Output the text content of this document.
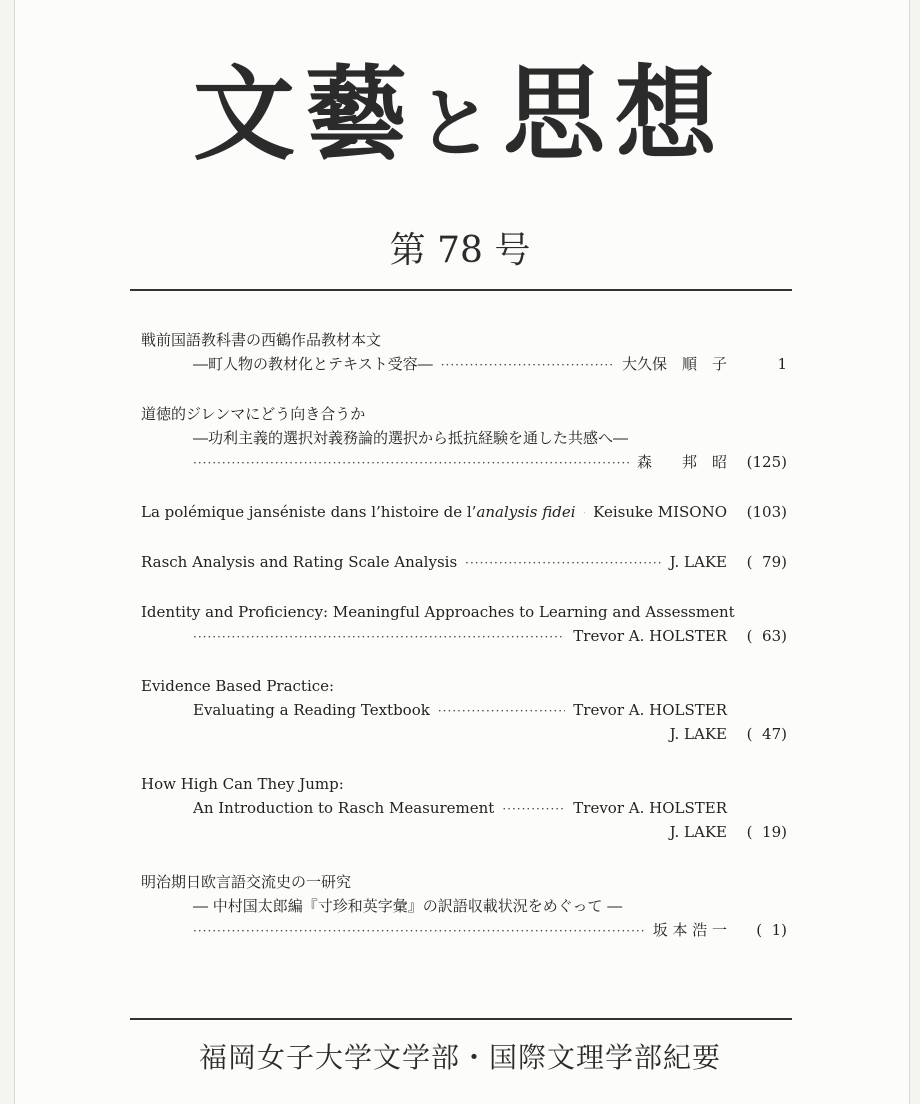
文藝と思想
第 78 号
戦前国語教科書の西鶴作品教材本文
―町人物の教材化とテキスト受容― ·····	大久保　順　子	1
道徳的ジレンマにどう向き合うか
―功利主義的選択対義務論的選択から抵抗経験を通した共感へ―
·····
森　　邦　昭	(125)
La polémique janséniste dans l’histoire de l’analysis fidei ····· Keisuke MISONO	(103)
Rasch Analysis and Rating Scale Analysis ·····	J. LAKE	(  79)
Identity and Proficiency: Meaningful Approaches to Learning and Assessment
·····
Trevor A. HOLSTER	(  63)
Evidence Based Practice:
Evaluating a Reading Textbook ·····	Trevor A. HOLSTER
J. LAKE	(  47)
How High Can They Jump:
An Introduction to Rasch Measurement ·····	Trevor A. HOLSTER
J. LAKE	(  19)
明治期日欧言語交流史の一研究
― 中村国太郎編『寸珍和英字彙』の訳語収載状況をめぐって ―
·····
坂 本 浩 一	(  1)
福岡女子大学文学部・国際文理学部紀要
